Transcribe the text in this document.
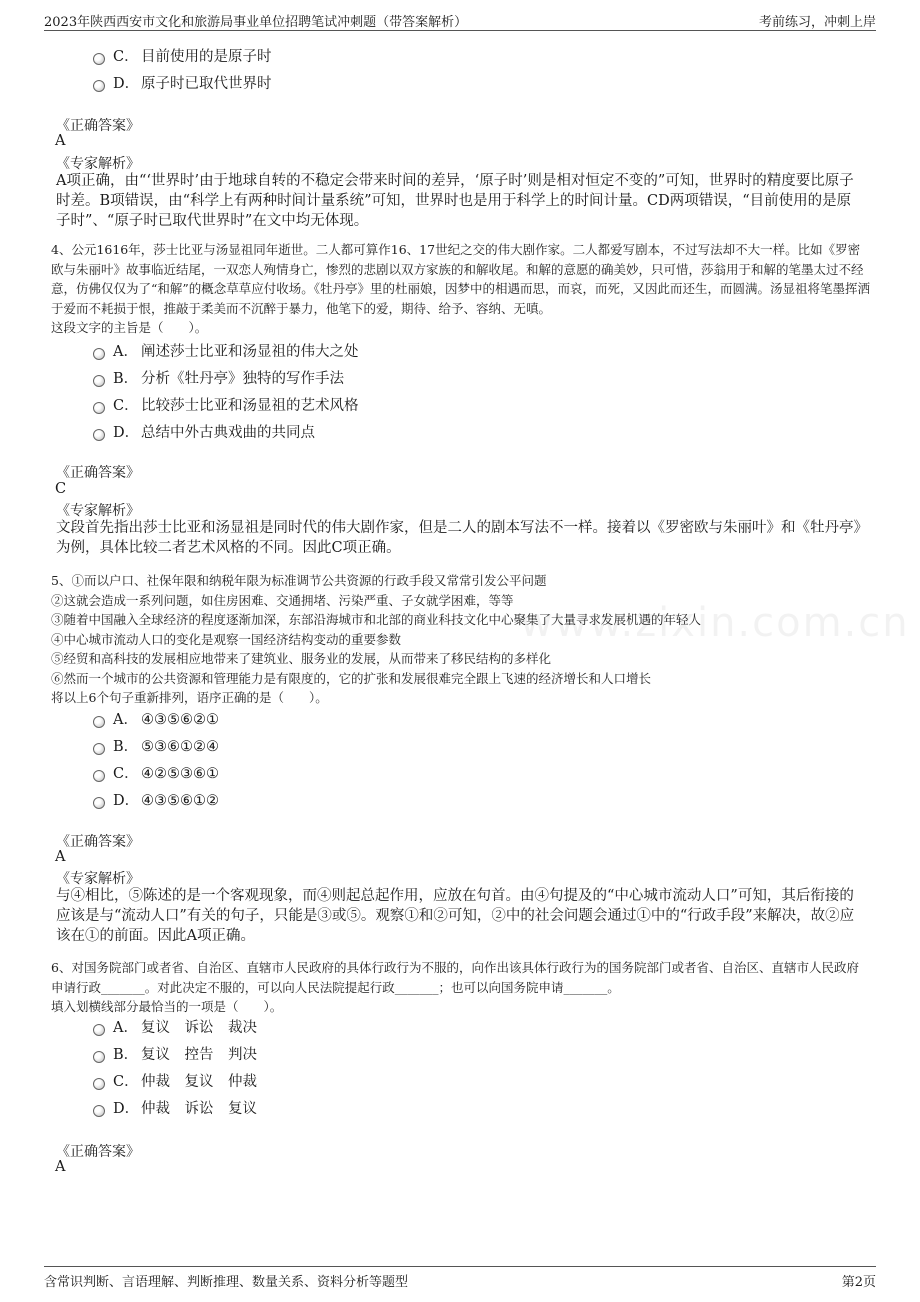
2023年陕西西安市文化和旅游局事业单位招聘笔试冲刺题（带答案解析）	考前练习，冲刺上岸
www.zixin.com.cn
C． 目前使用的是原子时
D． 原子时已取代世界时
《正确答案》
A
《专家解析》
A项正确，由“‘世界时’由于地球自转的不稳定会带来时间的差异，‘原子时’则是相对恒定不变的”可知，世界时的精度要比原子时差。B项错误，由“科学上有两种时间计量系统”可知，世界时也是用于科学上的时间计量。CD两项错误，“目前使用的是原子时”、“原子时已取代世界时”在文中均无体现。
4、公元1616年，莎士比亚与汤显祖同年逝世。二人都可算作16、17世纪之交的伟大剧作家。二人都爱写剧本，不过写法却不大一样。比如《罗密欧与朱丽叶》故事临近结尾，一双恋人殉情身亡，惨烈的悲剧以双方家族的和解收尾。和解的意愿的确美妙，只可惜，莎翁用于和解的笔墨太过不经意，仿佛仅仅为了“和解”的概念草草应付收场。《牡丹亭》里的杜丽娘，因梦中的相遇而思，而哀，而死，又因此而还生，而圆满。汤显祖将笔墨挥洒于爱而不耗损于恨，推敲于柔美而不沉醉于暴力，他笔下的爱，期待、给予、容纳、无嗔。
这段文字的主旨是（　　）。
A． 阐述莎士比亚和汤显祖的伟大之处
B． 分析《牡丹亭》独特的写作手法
C． 比较莎士比亚和汤显祖的艺术风格
D． 总结中外古典戏曲的共同点
《正确答案》
C
《专家解析》
文段首先指出莎士比亚和汤显祖是同时代的伟大剧作家，但是二人的剧本写法不一样。接着以《罗密欧与朱丽叶》和《牡丹亭》为例，具体比较二者艺术风格的不同。因此C项正确。
5、①而以户口、社保年限和纳税年限为标准调节公共资源的行政手段又常常引发公平问题
②这就会造成一系列问题，如住房困难、交通拥堵、污染严重、子女就学困难，等等
③随着中国融入全球经济的程度逐渐加深，东部沿海城市和北部的商业科技文化中心聚集了大量寻求发展机遇的年轻人
④中心城市流动人口的变化是观察一国经济结构变动的重要参数
⑤经贸和高科技的发展相应地带来了建筑业、服务业的发展，从而带来了移民结构的多样化
⑥然而一个城市的公共资源和管理能力是有限度的，它的扩张和发展很难完全跟上飞速的经济增长和人口增长
将以上6个句子重新排列，语序正确的是（　　）。
A． ④③⑤⑥②①
B． ⑤③⑥①②④
C． ④②⑤③⑥①
D． ④③⑤⑥①②
《正确答案》
A
《专家解析》
与④相比，⑤陈述的是一个客观现象，而④则起总起作用，应放在句首。由④句提及的“中心城市流动人口”可知，其后衔接的应该是与“流动人口”有关的句子，只能是③或⑤。观察①和②可知，②中的社会问题会通过①中的“行政手段”来解决，故②应该在①的前面。因此A项正确。
6、对国务院部门或者省、自治区、直辖市人民政府的具体行政行为不服的，向作出该具体行政行为的国务院部门或者省、自治区、直辖市人民政府申请行政_______。对此决定不服的，可以向人民法院提起行政_______；也可以向国务院申请_______。
填入划横线部分最恰当的一项是（　　）。
A． 复议　诉讼　裁决
B． 复议　控告　判决
C． 仲裁　复议　仲裁
D． 仲裁　诉讼　复议
《正确答案》
A
含常识判断、言语理解、判断推理、数量关系、资料分析等题型	第2页
